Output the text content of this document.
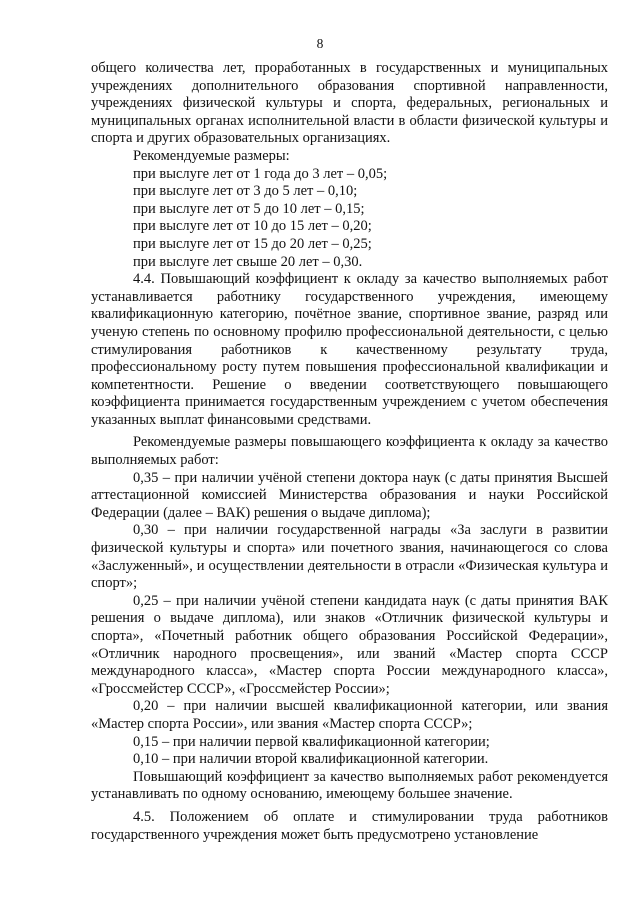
8

общего количества лет, проработанных в государственных и муниципальных учреждениях дополнительного образования спортивной направленности, учреждениях физической культуры и спорта, федеральных, региональных и муниципальных органах исполнительной власти в области физической культуры и спорта и других образовательных организациях.

Рекомендуемые размеры:

при выслуге лет от 1 года до 3 лет – 0,05;

при выслуге лет от 3 до 5 лет – 0,10;

при выслуге лет от 5 до 10 лет – 0,15;

при выслуге лет от 10 до 15 лет – 0,20;

при выслуге лет от 15 до 20 лет – 0,25;

при выслуге лет свыше 20 лет – 0,30.

4.4. Повышающий коэффициент к окладу за качество выполняемых работ устанавливается работнику государственного учреждения, имеющему квалификационную категорию, почётное звание, спортивное звание, разряд или ученую степень по основному профилю профессиональной деятельности, с целью стимулирования работников к качественному результату труда, профессиональному росту путем повышения профессиональной квалификации и компетентности. Решение о введении соответствующего повышающего коэффициента принимается государственным учреждением с учетом обеспечения указанных выплат финансовыми средствами.

Рекомендуемые размеры повышающего коэффициента к окладу за качество выполняемых работ:

0,35 – при наличии учёной степени доктора наук (с даты принятия Высшей аттестационной комиссией Министерства образования и науки Российской Федерации (далее – ВАК) решения о выдаче диплома);

0,30 – при наличии государственной награды «За заслуги в развитии физической культуры и спорта» или почетного звания, начинающегося со слова «Заслуженный», и осуществлении деятельности в отрасли «Физическая культура и спорт»;

0,25 – при наличии учёной степени кандидата наук (с даты принятия ВАК решения о выдаче диплома), или знаков «Отличник физической культуры и спорта», «Почетный работник общего образования Российской Федерации», «Отличник народного просвещения», или званий «Мастер спорта СССР международного класса», «Мастер спорта России международного класса», «Гроссмейстер СССР», «Гроссмейстер России»;

0,20 – при наличии высшей квалификационной категории, или звания «Мастер спорта России», или звания «Мастер спорта СССР»;

0,15 – при наличии первой квалификационной категории;

0,10 – при наличии второй квалификационной категории.

Повышающий коэффициент за качество выполняемых работ рекомендуется устанавливать по одному основанию, имеющему большее значение.

4.5. Положением об оплате и стимулировании труда работников государственного учреждения может быть предусмотрено установление
